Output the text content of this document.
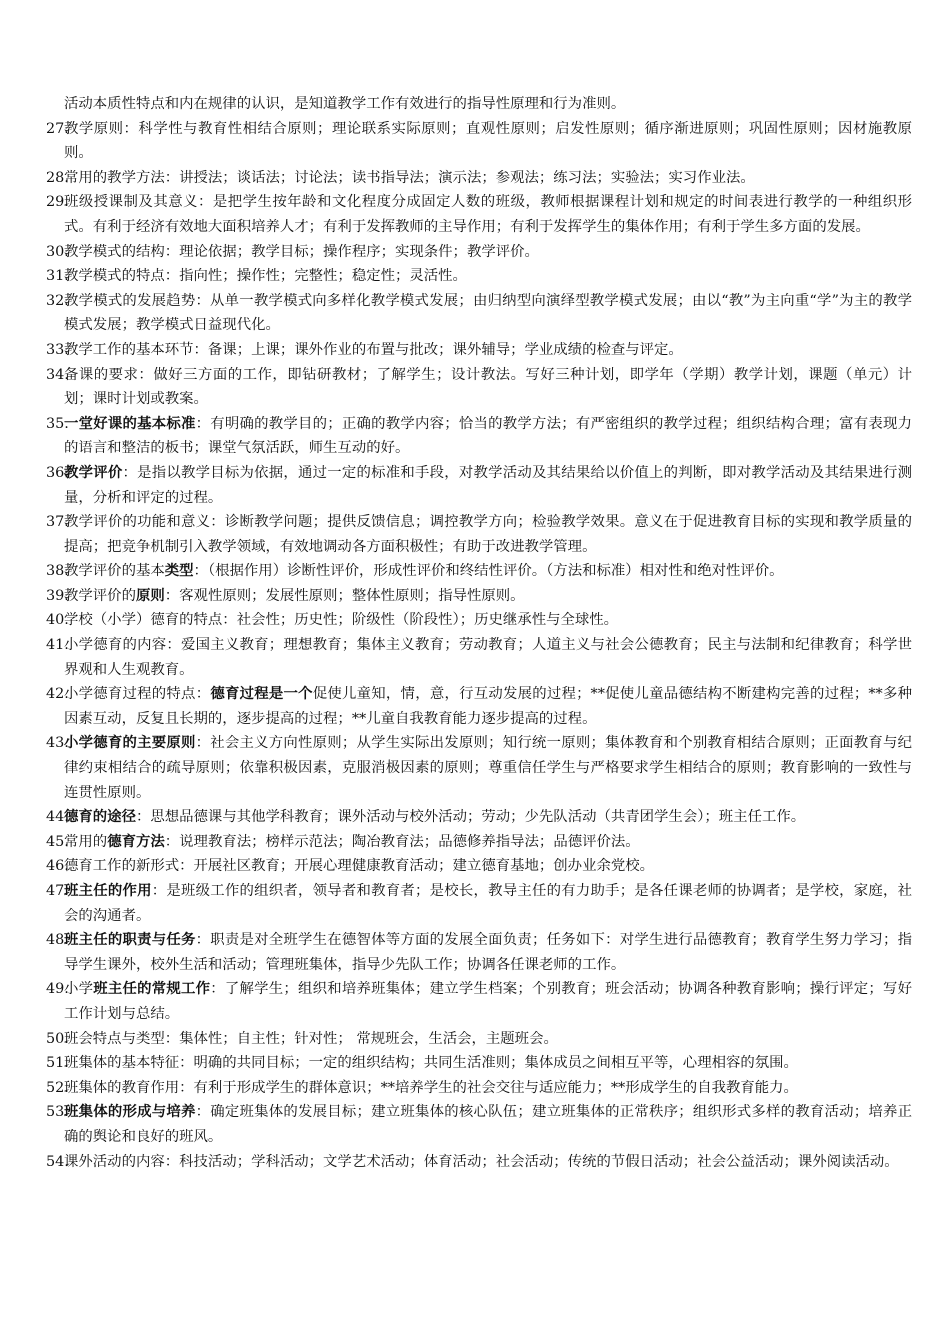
活动本质性特点和内在规律的认识，是知道教学工作有效进行的指导性原理和行为准则。

27.
教学原则：科学性与教育性相结合原则；理论联系实际原则；直观性原则；启发性原则；循序渐进原则；巩固性原则；因材施教原则。

28.
常用的教学方法：讲授法；谈话法；讨论法；读书指导法；演示法；参观法；练习法；实验法；实习作业法。

29.
班级授课制及其意义：是把学生按年龄和文化程度分成固定人数的班级，教师根据课程计划和规定的时间表进行教学的一种组织形式。有利于经济有效地大面积培养人才；有利于发挥教师的主导作用；有利于发挥学生的集体作用；有利于学生多方面的发展。

30.
教学模式的结构：理论依据；教学目标；操作程序；实现条件；教学评价。

31.
教学模式的特点：指向性；操作性；完整性；稳定性；灵活性。

32.
教学模式的发展趋势：从单一教学模式向多样化教学模式发展；由归纳型向演绎型教学模式发展；由以“教”为主向重“学”为主的教学模式发展；教学模式日益现代化。

33.
教学工作的基本环节：备课；上课；课外作业的布置与批改；课外辅导；学业成绩的检查与评定。

34.
备课的要求：做好三方面的工作，即钻研教材；了解学生；设计教法。写好三种计划，即学年（学期）教学计划，课题（单元）计划；课时计划或教案。

35.
一堂好课的基本标准：有明确的教学目的；正确的教学内容；恰当的教学方法；有严密组织的教学过程；组织结构合理；富有表现力的语言和整洁的板书；课堂气氛活跃，师生互动的好。

36.
教学评价：是指以教学目标为依据，通过一定的标准和手段，对教学活动及其结果给以价值上的判断，即对教学活动及其结果进行测量，分析和评定的过程。

37.
教学评价的功能和意义：诊断教学问题；提供反馈信息；调控教学方向；检验教学效果。意义在于促进教育目标的实现和教学质量的提高；把竞争机制引入教学领域，有效地调动各方面积极性；有助于改进教学管理。

38.
教学评价的基本类型：（根据作用）诊断性评价，形成性评价和终结性评价。（方法和标准）相对性和绝对性评价。

39.
教学评价的原则：客观性原则；发展性原则；整体性原则；指导性原则。

40.
学校（小学）德育的特点：社会性；历史性；阶级性（阶段性）；历史继承性与全球性。

41.
小学德育的内容：爱国主义教育；理想教育；集体主义教育；劳动教育；人道主义与社会公德教育；民主与法制和纪律教育；科学世界观和人生观教育。

42.
小学德育过程的特点：德育过程是一个促使儿童知，情，意，行互动发展的过程；**促使儿童品德结构不断建构完善的过程；**多种因素互动，反复且长期的，逐步提高的过程；**儿童自我教育能力逐步提高的过程。

43.
小学德育的主要原则：社会主义方向性原则；从学生实际出发原则；知行统一原则；集体教育和个别教育相结合原则；正面教育与纪律约束相结合的疏导原则；依靠积极因素，克服消极因素的原则；尊重信任学生与严格要求学生相结合的原则；教育影响的一致性与连贯性原则。

44.
德育的途径：思想品德课与其他学科教育；课外活动与校外活动；劳动；少先队活动（共青团学生会）；班主任工作。

45.
常用的德育方法：说理教育法；榜样示范法；陶冶教育法；品德修养指导法；品德评价法。

46.
德育工作的新形式：开展社区教育；开展心理健康教育活动；建立德育基地；创办业余党校。

47.
班主任的作用：是班级工作的组织者，领导者和教育者；是校长，教导主任的有力助手；是各任课老师的协调者；是学校，家庭，社会的沟通者。

48.
班主任的职责与任务：职责是对全班学生在德智体等方面的发展全面负责；任务如下：对学生进行品德教育；教育学生努力学习；指导学生课外，校外生活和活动；管理班集体，指导少先队工作；协调各任课老师的工作。

49.
小学班主任的常规工作：了解学生；组织和培养班集体；建立学生档案；个别教育；班会活动；协调各种教育影响；操行评定；写好工作计划与总结。

50.
班会特点与类型：集体性；自主性；针对性； 常规班会，生活会，主题班会。

51.
班集体的基本特征：明确的共同目标；一定的组织结构；共同生活准则；集体成员之间相互平等，心理相容的氛围。

52.
班集体的教育作用：有利于形成学生的群体意识；**培养学生的社会交往与适应能力；**形成学生的自我教育能力。

53.
班集体的形成与培养：确定班集体的发展目标；建立班集体的核心队伍；建立班集体的正常秩序；组织形式多样的教育活动；培养正确的舆论和良好的班风。

54.
课外活动的内容：科技活动；学科活动；文学艺术活动；体育活动；社会活动；传统的节假日活动；社会公益活动；课外阅读活动。
